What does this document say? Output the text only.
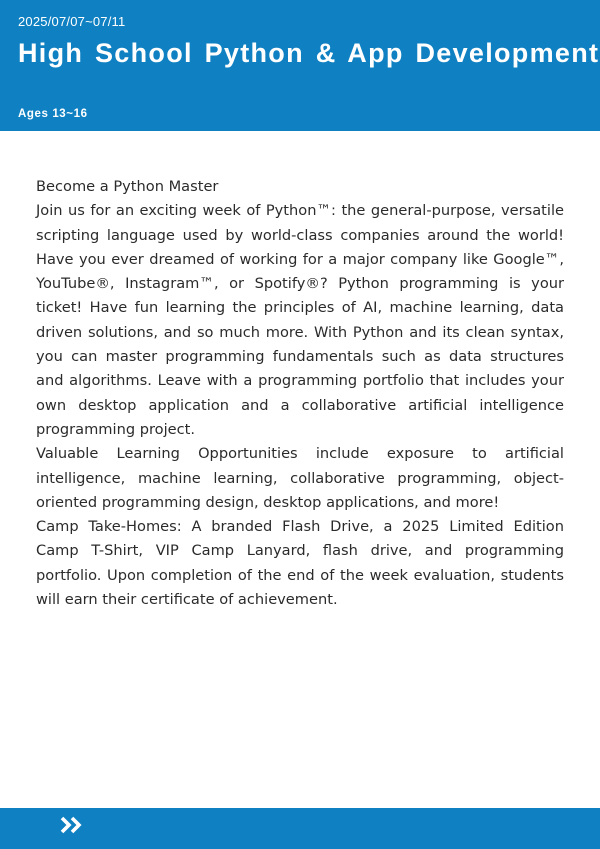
2025/07/07~07/11
High School Python & App Development
Ages 13~16

Become a Python Master

Join us for an exciting week of Python™: the general-purpose, versatile scripting language used by world-class companies around the world! Have you ever dreamed of working for a major company like Google™, YouTube®, Instagram™, or Spotify®? Python programming is your ticket! Have fun learning the principles of AI, machine learning, data driven solutions, and so much more. With Python and its clean syntax, you can master programming fundamentals such as data structures and algorithms. Leave with a programming portfolio that includes your own desktop application and a collaborative artificial intelligence programming project.

Valuable Learning Opportunities include exposure to artificial intelligence, machine learning, collaborative programming, object-oriented programming design, desktop applications, and more!

Camp Take-Homes: A branded Flash Drive, a 2025 Limited Edition Camp T-Shirt, VIP Camp Lanyard, flash drive, and programming portfolio. Upon completion of the end of the week evaluation, students will earn their certificate of achievement.
